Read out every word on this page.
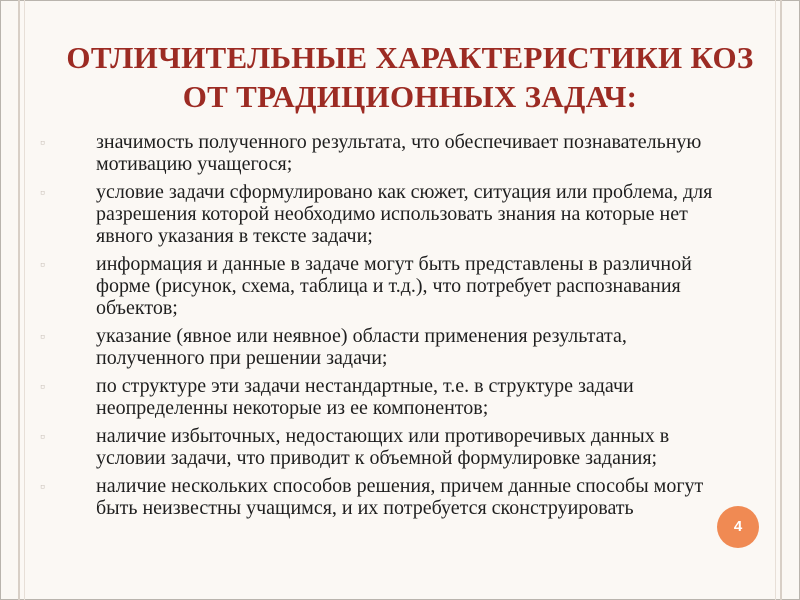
ОТЛИЧИТЕЛЬНЫЕ ХАРАКТЕРИСТИКИ КОЗ ОТ ТРАДИЦИОННЫХ ЗАДАЧ:
▫	значимость полученного результата, что обеспечивает познавательную мотивацию учащегося;
▫	условие задачи сформулировано как сюжет, ситуация или проблема, для разрешения которой необходимо использовать знания на которые нет явного указания в тексте задачи;
▫	информация и данные в задаче могут быть представлены в различной форме (рисунок, схема, таблица и т.д.), что потребует распознавания объектов;
▫	указание (явное или неявное) области применения результата, полученного при решении задачи;
▫	по структуре эти задачи нестандартные, т.е. в структуре задачи неопределенны некоторые из ее компонентов;
▫	наличие избыточных, недостающих или противоречивых данных в условии задачи, что приводит к объемной формулировке задания;
▫	наличие нескольких способов решения, причем данные способы могут быть неизвестны учащимся, и их потребуется сконструировать
4
